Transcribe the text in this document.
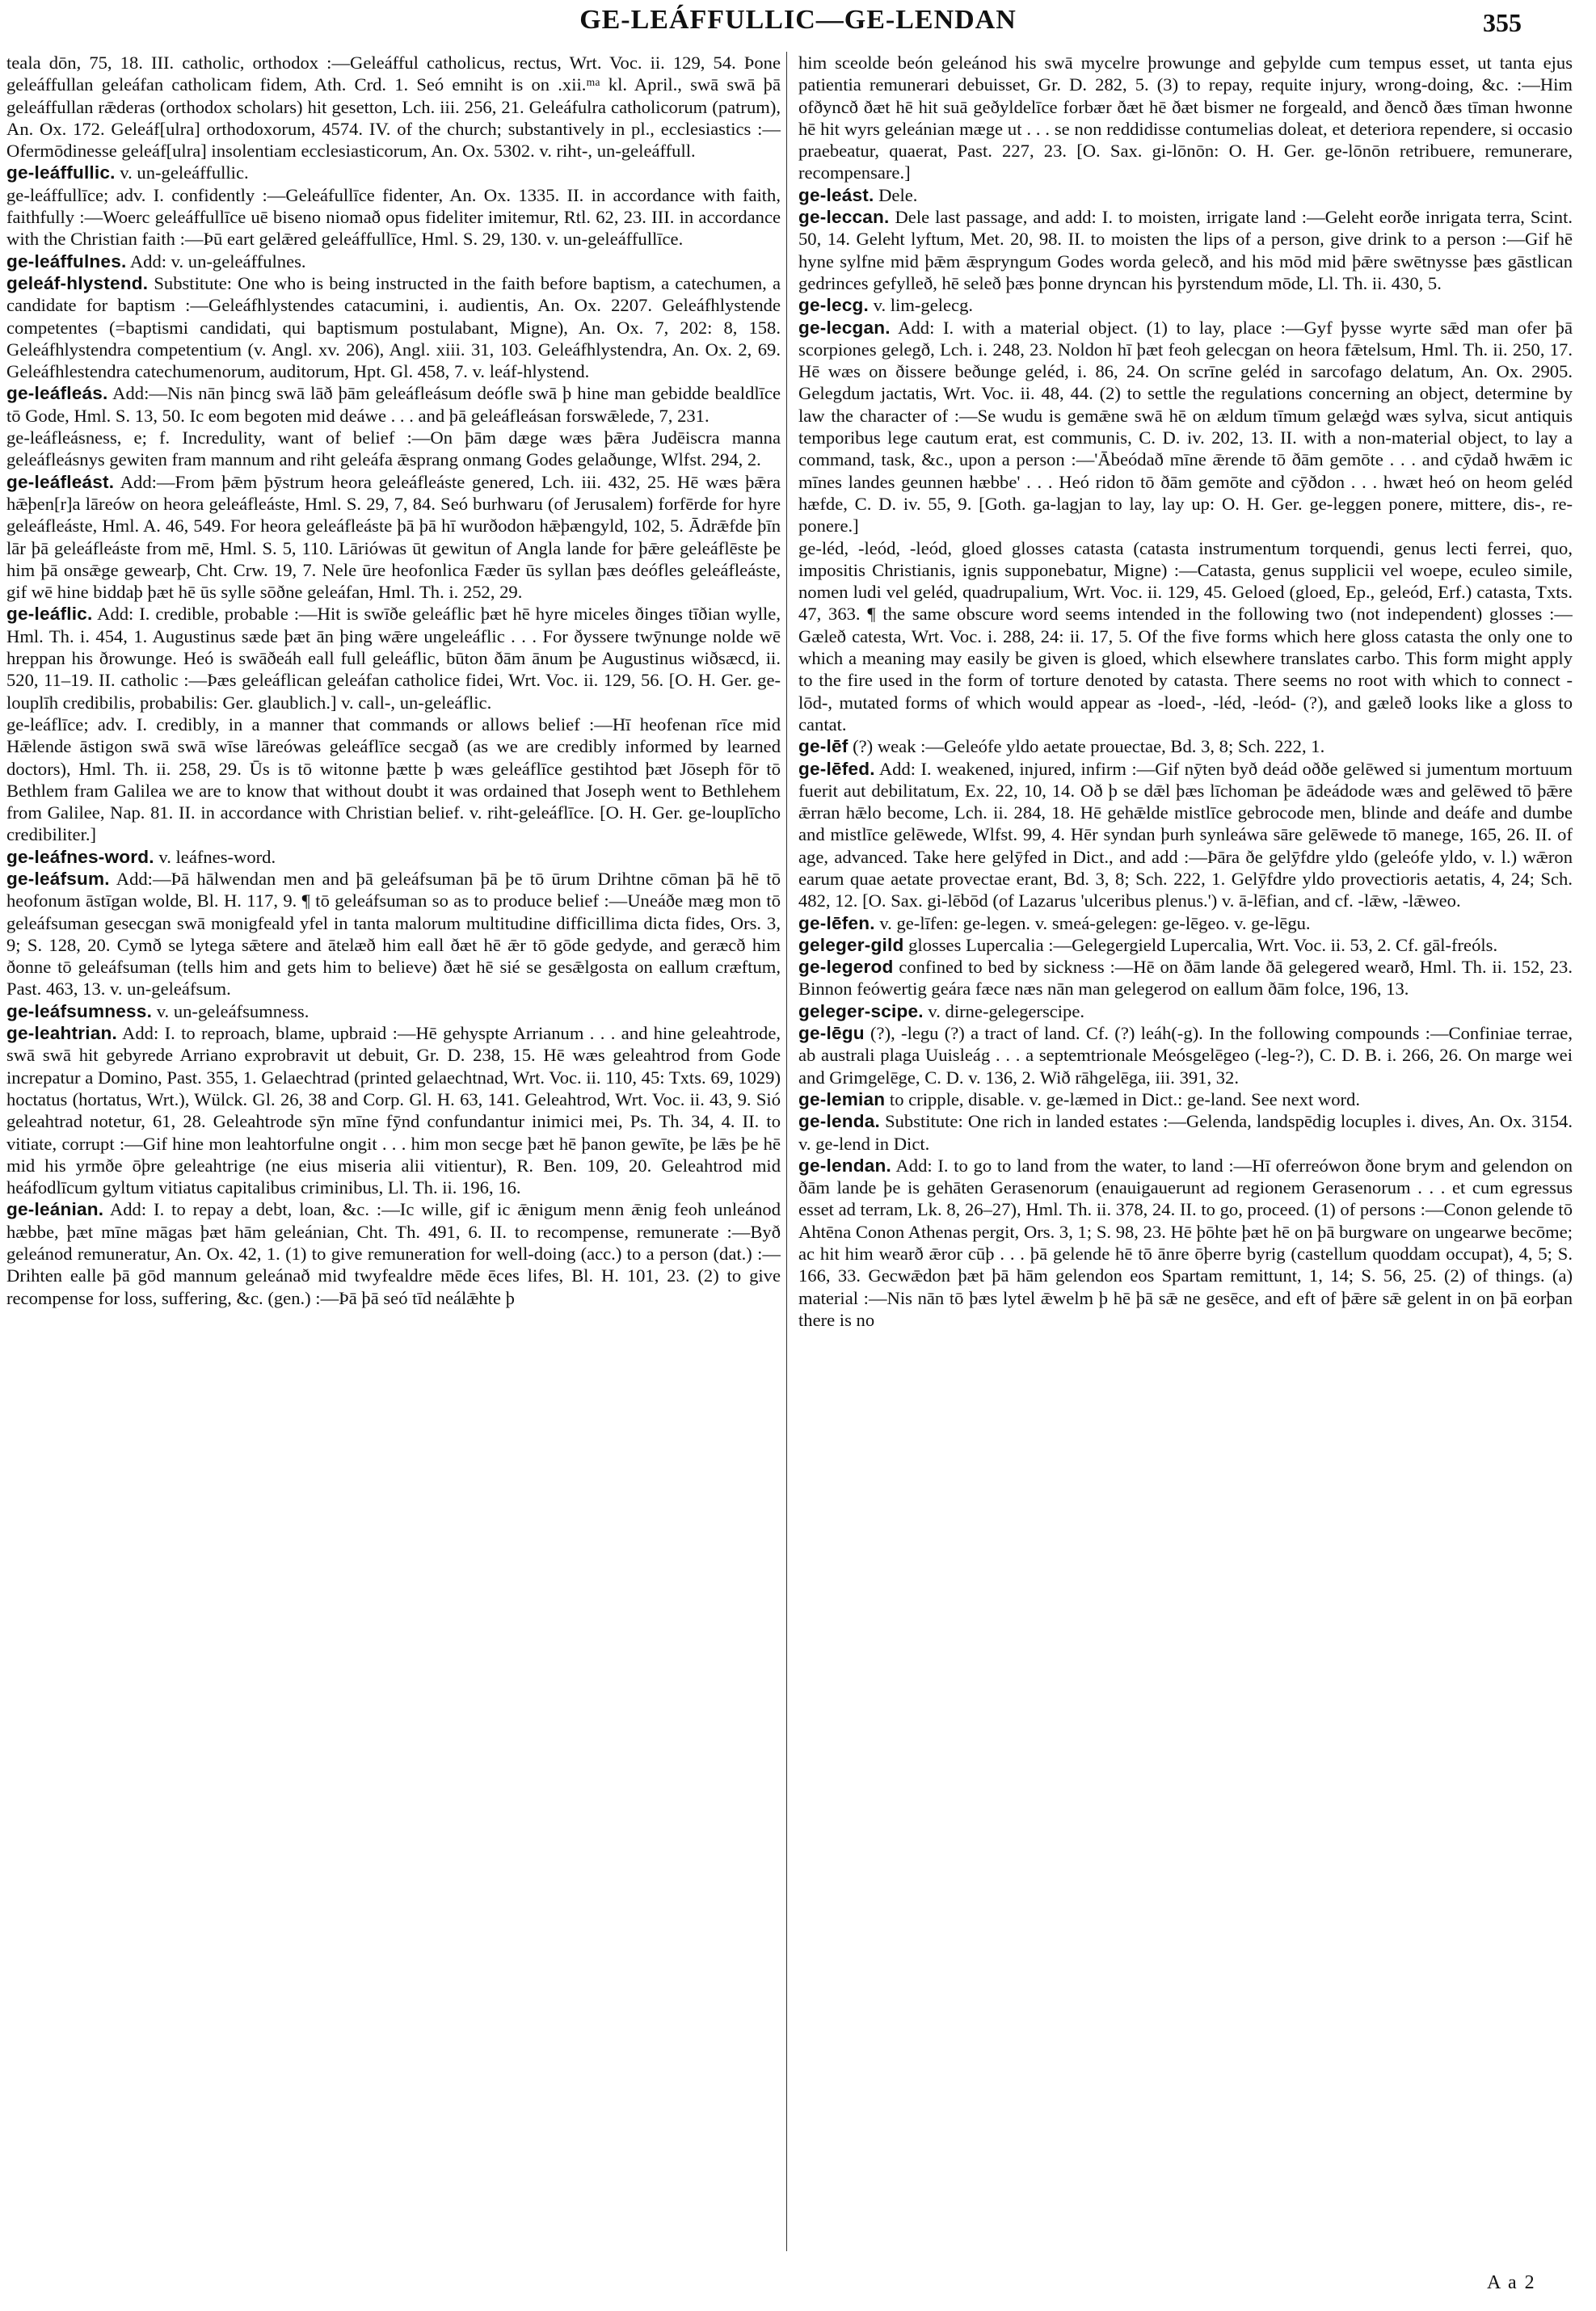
GE-LEÁFFULLIC—GE-LENDAN	355

teala dōn, 75, 18. III. catholic, orthodox :—Geleáfful catholicus, rectus, Wrt. Voc. ii. 129, 54. Þone geleáffullan geleáfan catholicam fidem, Ath. Crd. 1. Seó emniht is on .xii.ᵐᵃ kl. April., swā swā þā geleáffullan rǣderas (orthodox scholars) hit gesetton, Lch. iii. 256, 21. Geleáfulra catholicorum (patrum), An. Ox. 172. Geleáf[ulra] orthodoxorum, 4574. IV. of the church; substantively in pl., ecclesiastics :—Ofermōdinesse geleáf[ulra] insolentiam ecclesiasticorum, An. Ox. 5302. v. riht-, un-geleáffull.

ge-leáffullic. v. un-geleáffullic.

ge-leáffullīce; adv. I. confidently :—Geleáfullīce fidenter, An. Ox. 1335. II. in accordance with faith, faithfully :—Woerc geleáffullīce uē biseno niomað opus fideliter imitemur, Rtl. 62, 23. III. in accordance with the Christian faith :—Þū eart gelǣred geleáffullīce, Hml. S. 29, 130. v. un-geleáffullīce.

ge-leáffulnes. Add: v. un-geleáffulnes.

geleáf-hlystend. Substitute: One who is being instructed in the faith before baptism, a catechumen, a candidate for baptism :—Geleáfhlystendes catacumini, i. audientis, An. Ox. 2207. Geleáfhlystende competentes (=baptismi candidati, qui baptismum postulabant, Migne), An. Ox. 7, 202: 8, 158. Geleáfhlystendra competentium (v. Angl. xv. 206), Angl. xiii. 31, 103. Geleáfhlystendra, An. Ox. 2, 69. Geleáfhlestendra catechumenorum, auditorum, Hpt. Gl. 458, 7. v. leáf-hlystend.

ge-leáfleás. Add:—Nis nān þincg swā lāð þām geleáfleásum deófle swā þ hine man gebidde bealdlīce tō Gode, Hml. S. 13, 50. Ic eom begoten mid deáwe . . . and þā geleáfleásan forswǣlede, 7, 231.

ge-leáfleásness, e; f. Incredulity, want of belief :—On þām dæge wæs þǣra Judēiscra manna geleáfleásnys gewiten fram mannum and riht geleáfa ǣsprang onmang Godes gelaðunge, Wlfst. 294, 2.

ge-leáfleást. Add:—From þǣm þȳstrum heora geleáfleáste genered, Lch. iii. 432, 25. Hē wæs þǣra hǣþen[r]a lāreów on heora geleáfleáste, Hml. S. 29, 7, 84. Seó burhwaru (of Jerusalem) forfērde for hyre geleáfleáste, Hml. A. 46, 549. For heora geleáfleáste þā þā hī wurðodon hǣþængyld, 102, 5. Ādrǣfde þīn lār þā geleáfleáste from mē, Hml. S. 5, 110. Lāriówas ūt gewitun of Angla lande for þǣre geleáflēste þe him þā onsǣge gewearþ, Cht. Crw. 19, 7. Nele ūre heofonlica Fæder ūs syllan þæs deófles geleáfleáste, gif wē hine biddaþ þæt hē ūs sylle sōðne geleáfan, Hml. Th. i. 252, 29.

ge-leáflic. Add: I. credible, probable :—Hit is swīðe geleáflic þæt hē hyre miceles ðinges tīðian wylle, Hml. Th. i. 454, 1. Augustinus sæde þæt ān þing wǣre ungeleáflic . . . For ðyssere twȳnunge nolde wē hreppan his ðrowunge. Heó is swāðeáh eall full geleáflic, būton ðām ānum þe Augustinus wiðsæcd, ii. 520, 11–19. II. catholic :—Þæs geleáflican geleáfan catholice fidei, Wrt. Voc. ii. 129, 56. [O. H. Ger. ge-louplīh credibilis, probabilis: Ger. glaublich.] v. call-, un-geleáflic.

ge-leáflīce; adv. I. credibly, in a manner that commands or allows belief :—Hī heofenan rīce mid Hǣlende āstigon swā swā wīse lāreówas geleáflīce secgað (as we are credibly informed by learned doctors), Hml. Th. ii. 258, 29. Ūs is tō witonne þætte þ wæs geleáflīce gestihtod þæt Jōseph fōr tō Bethlem fram Galilea we are to know that without doubt it was ordained that Joseph went to Bethlehem from Galilee, Nap. 81. II. in accordance with Christian belief. v. riht-geleáflīce. [O. H. Ger. ge-louplīcho credibiliter.]

ge-leáfnes-word. v. leáfnes-word.

ge-leáfsum. Add:—Þā hālwendan men and þā geleáfsuman þā þe tō ūrum Drihtne cōman þā hē tō heofonum āstīgan wolde, Bl. H. 117, 9. ¶ tō geleáfsuman so as to produce belief :—Uneáðe mæg mon tō geleáfsuman gesecgan swā monigfeald yfel in tanta malorum multitudine difficillima dicta fides, Ors. 3, 9; S. 128, 20. Cymð se lytega sǣtere and ātelæð him eall ðæt hē ǣr tō gōde gedyde, and geræcð him ðonne tō geleáfsuman (tells him and gets him to believe) ðæt hē sié se gesǣlgosta on eallum cræftum, Past. 463, 13. v. un-geleáfsum.

ge-leáfsumness. v. un-geleáfsumness.

ge-leahtrian. Add: I. to reproach, blame, upbraid :—Hē gehyspte Arrianum . . . and hine geleahtrode, swā swā hit gebyrede Arriano exprobravit ut debuit, Gr. D. 238, 15. Hē wæs geleahtrod from Gode increpatur a Domino, Past. 355, 1. Gelaechtrad (printed gelaechtnad, Wrt. Voc. ii. 110, 45: Txts. 69, 1029) hoctatus (hortatus, Wrt.), Wülck. Gl. 26, 38 and Corp. Gl. H. 63, 141. Geleahtrod, Wrt. Voc. ii. 43, 9. Sió geleahtrad notetur, 61, 28. Geleahtrode sȳn mīne fȳnd confundantur inimici mei, Ps. Th. 34, 4. II. to vitiate, corrupt :—Gif hine mon leahtorfulne ongit . . . him mon secge þæt hē þanon gewīte, þe lǣs þe hē mid his yrmðe ōþre geleahtrige (ne eius miseria alii vitientur), R. Ben. 109, 20. Geleahtrod mid heáfodlīcum gyltum vitiatus capitalibus criminibus, Ll. Th. ii. 196, 16.

ge-leánian. Add: I. to repay a debt, loan, &c. :—Ic wille, gif ic ǣnigum menn ǣnig feoh unleánod hæbbe, þæt mīne māgas þæt hām geleánian, Cht. Th. 491, 6. II. to recompense, remunerate :—Byð geleánod remuneratur, An. Ox. 42, 1. (1) to give remuneration for well-doing (acc.) to a person (dat.) :—Drihten ealle þā gōd mannum geleánað mid twyfealdre mēde ēces lifes, Bl. H. 101, 23. (2) to give recompense for loss, suffering, &c. (gen.) :—Þā þā seó tīd neálǣhte þ

him sceolde beón geleánod his swā mycelre þrowunge and geþylde cum tempus esset, ut tanta ejus patientia remunerari debuisset, Gr. D. 282, 5. (3) to repay, requite injury, wrong-doing, &c. :—Him ofðyncð ðæt hē hit suā geðyldelīce forbær ðæt hē ðæt bismer ne forgeald, and ðencð ðæs tīman hwonne hē hit wyrs geleánian mæge ut . . . se non reddidisse contumelias doleat, et deteriora rependere, si occasio praebeatur, quaerat, Past. 227, 23. [O. Sax. gi-lōnōn: O. H. Ger. ge-lōnōn retribuere, remunerare, recompensare.]

ge-leást. Dele.

ge-leccan. Dele last passage, and add: I. to moisten, irrigate land :—Geleht eorðe inrigata terra, Scint. 50, 14. Geleht lyftum, Met. 20, 98. II. to moisten the lips of a person, give drink to a person :—Gif hē hyne sylfne mid þǣm ǣspryngum Godes worda gelecð, and his mōd mid þǣre swētnysse þæs gāstlican gedrinces gefylleð, hē seleð þæs þonne dryncan his þyrstendum mōde, Ll. Th. ii. 430, 5.

ge-lecg. v. lim-gelecg.

ge-lecgan. Add: I. with a material object. (1) to lay, place :—Gyf þysse wyrte sǣd man ofer þā scorpiones gelegð, Lch. i. 248, 23. Noldon hī þæt feoh gelecgan on heora fǣtelsum, Hml. Th. ii. 250, 17. Hē wæs on ðissere beðunge geléd, i. 86, 24. On scrīne geléd in sarcofago delatum, An. Ox. 2905. Gelegdum jactatis, Wrt. Voc. ii. 48, 44. (2) to settle the regulations concerning an object, determine by law the character of :—Se wudu is gemǣne swā hē on ældum tīmum gelæġd wæs sylva, sicut antiquis temporibus lege cautum erat, est communis, C. D. iv. 202, 13. II. with a non-material object, to lay a command, task, &c., upon a person :—'Ābeódað mīne ǣrende tō ðām gemōte . . . and cȳdað hwǣm ic mīnes landes geunnen hæbbe' . . . Heó ridon tō ðām gemōte and cȳðdon . . . hwæt heó on heom geléd hæfde, C. D. iv. 55, 9. [Goth. ga-lagjan to lay, lay up: O. H. Ger. ge-leggen ponere, mittere, dis-, re-ponere.]

ge-léd, -leód, -leód, gloed glosses catasta (catasta instrumentum torquendi, genus lecti ferrei, quo, impositis Christianis, ignis supponebatur, Migne) :—Catasta, genus supplicii vel woepe, eculeo simile, nomen ludi vel geléd, quadrupalium, Wrt. Voc. ii. 129, 45. Geloed (gloed, Ep., geleód, Erf.) catasta, Txts. 47, 363. ¶ the same obscure word seems intended in the following two (not independent) glosses :—Gæleð catesta, Wrt. Voc. i. 288, 24: ii. 17, 5. Of the five forms which here gloss catasta the only one to which a meaning may easily be given is gloed, which elsewhere translates carbo. This form might apply to the fire used in the form of torture denoted by catasta. There seems no root with which to connect -lōd-, mutated forms of which would appear as -loed-, -léd, -leód- (?), and gæleð looks like a gloss to cantat.

ge-lēf (?) weak :—Geleófe yldo aetate prouectae, Bd. 3, 8; Sch. 222, 1.

ge-lēfed. Add: I. weakened, injured, infirm :—Gif nȳten byð deád oððe gelēwed si jumentum mortuum fuerit aut debilitatum, Ex. 22, 10, 14. Oð þ se dǣl þæs līchoman þe ādeádode wæs and gelēwed tō þǣre ǣrran hǣlo become, Lch. ii. 284, 18. Hē gehǣlde mistlīce gebrocode men, blinde and deáfe and dumbe and mistlīce gelēwede, Wlfst. 99, 4. Hēr syndan þurh synleáwa sāre gelēwede tō manege, 165, 26. II. of age, advanced. Take here gelȳfed in Dict., and add :—Þāra ðe gelȳfdre yldo (geleófe yldo, v. l.) wǣron earum quae aetate provectae erant, Bd. 3, 8; Sch. 222, 1. Gelȳfdre yldo provectioris aetatis, 4, 24; Sch. 482, 12. [O. Sax. gi-lēbōd (of Lazarus 'ulceribus plenus.') v. ā-lēfian, and cf. -lǣw, -lǣweo.

ge-lēfen. v. ge-līfen: ge-legen. v. smeá-gelegen: ge-lēgeo. v. ge-lēgu.

geleger-gild glosses Lupercalia :—Gelegergield Lupercalia, Wrt. Voc. ii. 53, 2. Cf. gāl-freóls.

ge-legerod confined to bed by sickness :—Hē on ðām lande ðā gelegered wearð, Hml. Th. ii. 152, 23. Binnon feówertig geára fæce næs nān man gelegerod on eallum ðām folce, 196, 13.

geleger-scipe. v. dirne-gelegerscipe.

ge-lēgu (?), -legu (?) a tract of land. Cf. (?) leáh(-g). In the following compounds :—Confiniae terrae, ab australi plaga Uuisleág . . . a septemtrionale Meósgelēgeo (-leg-?), C. D. B. i. 266, 26. On marge wei and Grimgelēge, C. D. v. 136, 2. Wið rāhgelēga, iii. 391, 32.

ge-lemian to cripple, disable. v. ge-læmed in Dict.: ge-land. See next word.

ge-lenda. Substitute: One rich in landed estates :—Gelenda, landspēdig locuples i. dives, An. Ox. 3154. v. ge-lend in Dict.

ge-lendan. Add: I. to go to land from the water, to land :—Hī oferreówon ðone brym and gelendon on ðām lande þe is gehāten Gerasenorum (enauigauerunt ad regionem Gerasenorum . . . et cum egressus esset ad terram, Lk. 8, 26–27), Hml. Th. ii. 378, 24. II. to go, proceed. (1) of persons :—Conon gelende tō Ahtēna Conon Athenas pergit, Ors. 3, 1; S. 98, 23. Hē þōhte þæt hē on þā burgware on ungearwe becōme; ac hit him wearð ǣror cūþ . . . þā gelende hē tō ānre ōþerre byrig (castellum quoddam occupat), 4, 5; S. 166, 33. Gecwǣdon þæt þā hām gelendon eos Spartam remittunt, 1, 14; S. 56, 25. (2) of things. (a) material :—Nis nān tō þæs lytel ǣwelm þ hē þā sǣ ne gesēce, and eft of þǣre sǣ gelent in on þā eorþan there is no

A a 2
